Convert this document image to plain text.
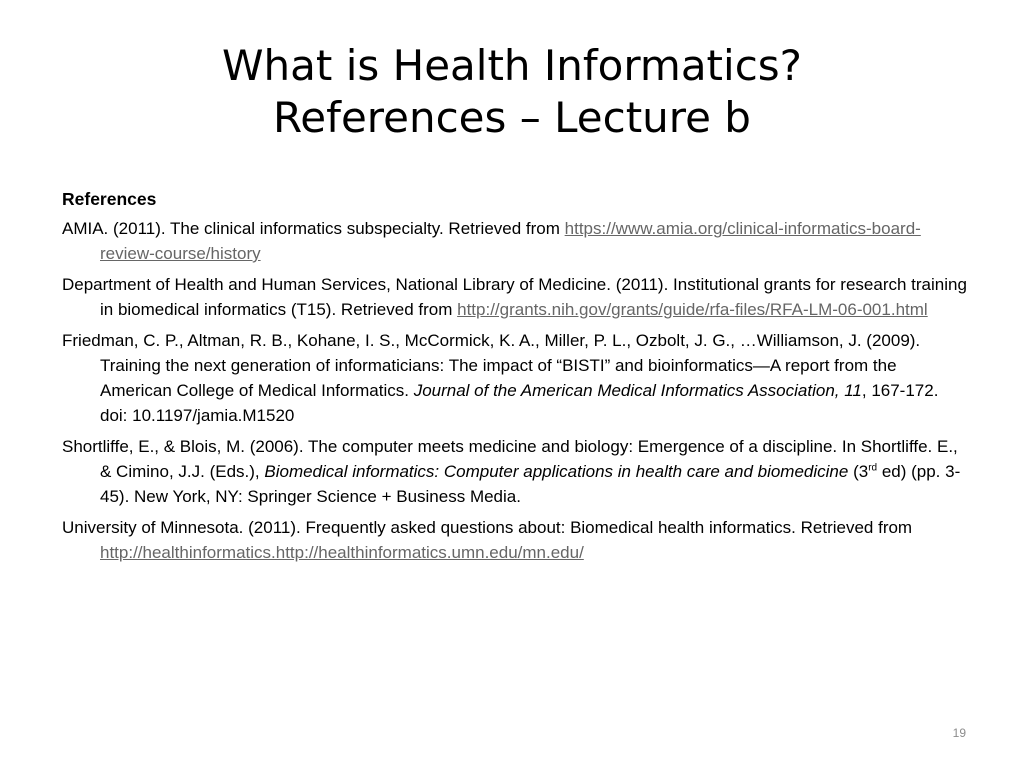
What is Health Informatics?
References – Lecture b
References

AMIA. (2011). The clinical informatics subspecialty. Retrieved from https://www.amia.org/clinical-informatics-board-review-course/history

Department of Health and Human Services, National Library of Medicine. (2011). Institutional grants for research training in biomedical informatics (T15). Retrieved from http://grants.nih.gov/grants/guide/rfa-files/RFA-LM-06-001.html

Friedman, C. P., Altman, R. B., Kohane, I. S., McCormick, K. A., Miller, P. L., Ozbolt, J. G., …Williamson, J. (2009). Training the next generation of informaticians: The impact of “BISTI” and bioinformatics—A report from the American College of Medical Informatics. Journal of the American Medical Informatics Association, 11, 167-172. doi: 10.1197/jamia.M1520

Shortliffe, E., & Blois, M. (2006). The computer meets medicine and biology: Emergence of a discipline. In Shortliffe. E., & Cimino, J.J. (Eds.), Biomedical informatics: Computer applications in health care and biomedicine (3rd ed) (pp. 3-45). New York, NY: Springer Science + Business Media.

University of Minnesota. (2011). Frequently asked questions about: Biomedical health informatics. Retrieved from http://healthinformatics.http://healthinformatics.umn.edu/mn.edu/

19
